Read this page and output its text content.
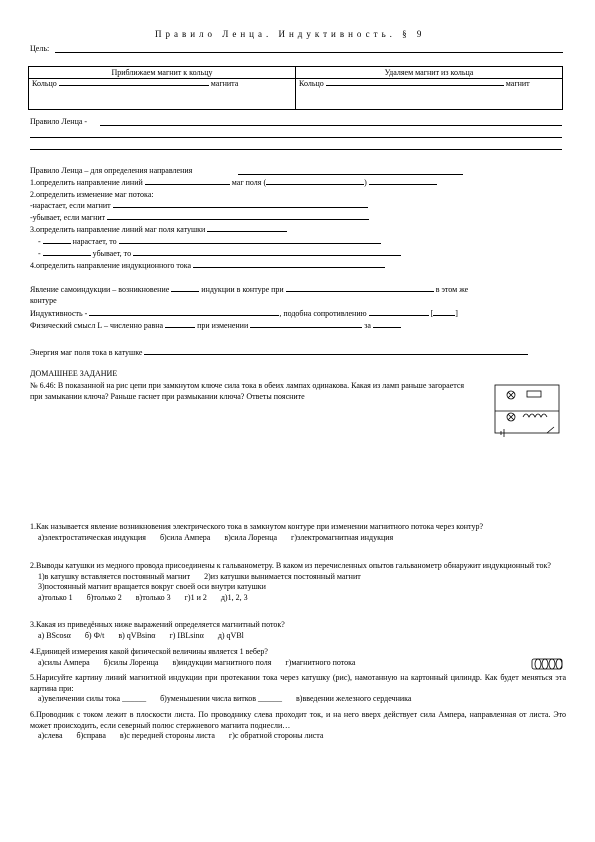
Правило Ленца. Индуктивность. § 9
Цель:
Приближаем магнит к кольцу	Удаляем магнит из кольца
Кольцо магнита	Кольцо магнит
Правило Ленца -
Правило Ленца – для определения направления
1.определить направление линий	маг поля (	)
2.определить изменение маг потока:
-нарастает, если магнит
-убывает, если магнит
3.определить направление линий маг поля катушки
-	нарастает, то
-	убывает, то
4.определить направление индукционного тока
Явление самоиндукции – возникновение	индукции в контуре при	в этом же
контуре
Индуктивность -	, подобна сопротивлению	[	]
Физический смысл L – численно равна	при изменении	за
Энергия маг поля тока в катушке
ДОМАШНЕЕ ЗАДАНИЕ
№ 6.46: В показанной на рис цепи при замкнутом ключе сила тока в обеих лампах одинакова. Какая из ламп раньше загорается при замыкании ключа? Раньше гаснет при размыкании ключа? Ответы поясните
1.Как называется явление возникновения электрического тока в замкнутом контуре при изменении магнитного потока через контур?
а)электростатическая индукция б)сила Ампера в)сила Лоренца г)электромагнитная индукция
2.Выводы катушки из медного провода присоединены к гальванометру. В каком из перечисленных опытов гальванометр обнаружит индукционный ток?
1)в катушку вставляется постоянный магнит 2)из катушки вынимается постоянный магнит
3)постоянный магнит вращается вокруг своей оси внутри катушки
а)только 1 б)только 2 в)только 3 г)1 и 2 д)1, 2, 3
3.Какая из приведённых ниже выражений определяется магнитный поток?
а) BScosα б) Ф/t в) qVBsinα г) IBLsinα д) qVBl
4.Единицей измерения какой физической величины является 1 вебер?
а)силы Ампера б)силы Лоренца в)индукции магнитного поля г)магнитного потока
5.Нарисуйте картину линий магнитной индукции при протекании тока через катушку (рис), намотанную на картонный цилиндр. Как будет меняться эта картина при:
а)увеличении силы тока ______ б)уменьшении числа витков ______ в)введении железного сердечника
6.Проводник с током лежит в плоскости листа. По проводнику слева проходит ток, и на него вверх действует сила Ампера, направленная от листа. Это может происходить, если северный полюс стержневого магнита поднесли…
а)слева б)справа в)с передней стороны листа г)с обратной стороны листа
